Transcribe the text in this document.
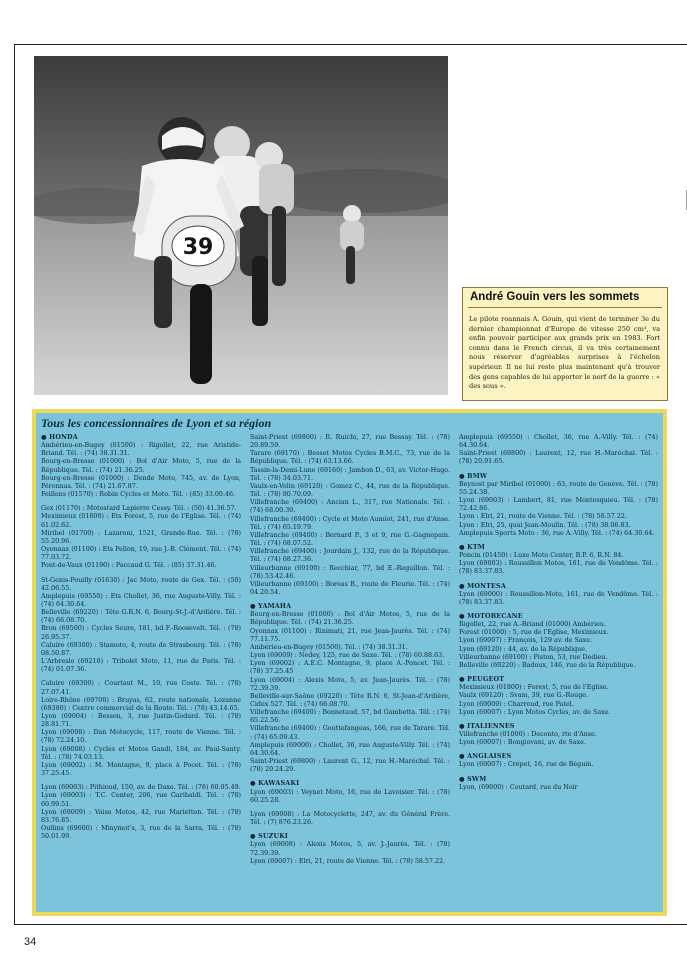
39
André Gouin vers les sommets
Le pilote roannais A. Gouin, qui vient de terminer 3e du dernier championnat d'Europe de vitesse 250 cm³, va enfin pouvoir participer aux grands prix en 1983. Fort connu dans le French circus, il va très certainement nous réserver d'agréables surprises à l'échelon supérieur. Il ne lui reste plus maintenant qu'à trouver des gens capables de lui apporter le nerf de la guerre : « des sous ».
Tous les concessionnaires de Lyon et sa région
● HONDA
Ambérieu-en-Bugey (01500) : Rigollet, 22, rue Aristide-Briand. Tél. : (74) 38.31.31.
Bourg-en-Bresse (01000) : Bol d'Air Moto, 5, rue de la République. Tél. : (74) 21.36.25.
Bourg-en-Bresse (01000) : Donde Moto, 745, av. de Lyon, Péronnas. Tél. : (74) 21.67.87.
Feillens (01570) : Robin Cycles et Moto. Tél. : (85) 33.00.46.
Gex (01170) : Motostard Lapierre Cessy. Tél. : (50) 41.36.57.
Meximieux (01800) : Ets Forest, 5, rue de l'Eglise. Tél. : (74) 61.02.62.
Miribel (01700) : Lazaroni, 1521, Grande-Rue. Tél. : (78) 55.20.96.
Oyonnax (01100) : Ets Pellon, 19, rue J.-B. Clément. Tél. : (74) 77.03.72.
Pont-de-Vaux (01190) : Paccaud G. Tél. : (85) 37.31.46.
St-Genis-Pouilly (01630) : Jac Moto, route de Gex. Tél. : (50) 42.06.55.
Amplepuis (69550) : Ets Chollet, 36, rue Auguste-Villy. Tél. : (74) 64.30.64.
Belleville (69220) : Tête G.R.N. 6, Bourg-St-J.-d'Ardière. Tél. : (74) 66.08.70.
Bron (69500) : Cycles Seure, 181, bd F.-Roosevelt. Tél. : (78) 26.95.37.
Caluire (69300) : Stamoto, 4, route de Strasbourg. Tél. : (78) 08.50.87.
L'Arbresle (69210) : Tribolet Moto, 11, rue de Paris. Tél. : (74) 01.07.36.
Caluire (69300) : Courtaut M., 10, rue Coste. Tél. : (78) 27.07.41.
Loire-Rhône (69700) : Bruyas, 62, route nationale, Lozanne (69380) : Centre commercial de la Route. Tél. : (78) 43.14.65.
Lyon (69004) : Besson, 3, rue Justin-Godard. Tél. : (78) 28.81.71.
Lyon (69008) : Dan Motocycle, 117, route de Vienne. Tél. : (78) 72.24.10.
Lyon (69008) : Cycles et Motos Gandi, 184, av. Paul-Santy. Tél. : (78) 74.03.13.
Lyon (69002) : M. Montagne, 9, place à Pocet. Tél. : (78) 37.25.45.
Lyon (69003) : Pithioud, 150, av. de Daxe. Tél. : (78) 60.05.49.
Lyon (69003) : T.C. Center, 206, rue Garibaldi. Tél. : (78) 60.99.51.
Lyon (69009) : Vaise Motos, 42, rue Marietton. Tél. : (78) 83.76.85.
Oullins (69600) : Minymot's, 3, rue de la Sarra. Tél. : (78) 50.01.99.
Saint-Priest (69800) : R. Ruichi, 27, rue Bessay. Tél. : (78) 20.89.59.
Tarare (69170) : Besset Motos Cycles B.M.C., 73, rue de la République. Tél. : (74) 63.13.66.
Tassin-la-Demi-Lune (69160) : Jambon D., 63, av. Victor-Hugo. Tél. : (78) 34.03.71.
Vaulx-en-Velin (69120) : Gomez C., 44, rue de la République. Tél. : (78) 80.70.09.
Villefranche (69400) : Ancian L., 317, rue Nationale. Tél. : (74) 68.00.30.
Villefranche (69400) : Cycle et Moto Aumiot, 241, rue d'Anse. Tél. : (74) 65.19.79.
Villefranche (69400) : Bernard P., 3 et 9, rue G.-Gagnepain. Tél. : (74) 68.07.52.
Villefranche (69400) : Jourdain J., 132, rue de la République. Tél. : (74) 68.27.36.
Villeurbanne (69100) : Recchiar, 77, bd E.-Reguillon. Tél. : (78) 53.42.46.
Villeurbanne (69100) : Boreas B., route de Fleurie. Tél. : (74) 04.20.54.
● YAMAHA
Bourg-en-Bresse (01000) : Bol d'Air Motos, 5, rue de la République. Tél. : (74) 21.36.25.
Oyonnax (01100) : Rinimati, 21, rue Jean-Jaurès. Tél. : (74) 77.11.75.
Ambérieu-en-Bugey (01500). Tél. : (74) 38.31.31.
Lyon (69009) : Nedey, 125, rue de Saxe. Tél. : (78) 60.88.63.
Lyon (69002) : A.E.C. Montagne, 9, place A.-Poncet. Tél. : (78) 37.25.45
Lyon (69004) : Alexis Moto, 5, av. Jean-Jaurès. Tél. : (78) 72.39.39.
Belleville-sur-Saône (69220) : Tête R.N. 6, St-Jean-d'Ardière, Cidex 527. Tél. : (74) 66.08.70.
Villefranche (69400) : Bonnetaud, 57, bd Gambetta. Tél. : (74) 65.22.56.
Villefranche (69400) : Gouttefangeas, 166, rue de Tarare. Tél. : (74) 65.09.43.
Amplepuis (69000) : Chollet, 36, rue Auguste-Villy. Tél. : (74) 64.30.64.
Saint-Priest (69800) : Laurent G., 12, rue H.-Maréchal. Tél. : (78) 20.24.29.
● KAWASAKI
Lyon (69003) : Veynet Moto, 16, rue de Lavoisier. Tél. : (78) 60.25.28.
Lyon (69008) : La Motocyclette, 247, av. du Général Frère. Tél. : (7) 876.23.26.
● SUZUKI
Lyon (69008) : Alexis Motos, 5, av. J.-Jaurès. Tél. : (78) 72.39.39.
Lyon (69007) : Elri, 21, route de Vienne. Tél. : (78) 58.57.22.
Amplepuis (69550) : Chollet, 36, rue A.-Villy. Tél. : (74) 64.30.64.
Saint-Priest (69800) : Laurent, 12, rue H.-Maréchal. Tél. : (78) 20.91.65.
● BMW
Beynost par Miribel (01000) : 63, route de Genève. Tél. : (78) 55.24.38.
Lyon (69003) : Lambert, 81, rue Montesquieu. Tél. : (78) 72.42.86.
Lyon : Elri, 21, route de Vienne. Tél. : (78) 58.57.22.
Lyon : Elri, 25, quai Jean-Moulin. Tél. : (78) 38.06.83.
Amplepuis Sports Moto : 36, rue A.-Villy. Tél. : (74) 64.30.64.
● KTM
Poncin (01450) : Luxe Moto Center, B.P. 6, R.N. 84.
Lyon (69003) : Roussillon Motos, 161, rue de Vendôme. Tél. : (78) 83.37.83.
● MONTESA
Lyon (69000) : Roussillon-Moto, 161, rue de Vendôme. Tél. : (78) 83.37.83.
● MOTOBECANE
Rigollet, 22, rue A.-Briand (01000) Ambérieu.
Forest (01000) : 5, rue de l'Eglise, Meximieux.
Lyon (69007) : François, 129 av. de Saxe.
Lyon (69120) : 44, av. de la République.
Villeurbanne (69100) : Piston, 53, rue Dedieu.
Belleville (69220) : Badoux, 146, rue de la République.
● PEUGEOT
Meximieux (01800) : Forest, 5, rue de l'Eglise.
Vaulx (69120) : Svam, 39, rue G.-Rouge.
Lyon (69009) : Charroud, rue Patel.
Lyon (69007) : Lyon Motos Cycles, av. de Saxe.
● ITALIENNES
Villefranche (01000) : Deconto, rte d'Anse.
Lyon (69007) : Bongiovani, av. de Saxe.
● ANGLAISES
Lyon (69007) : Crépet, 16, rue de Béguin.
● SWM
Lyon, (69000) : Coutard, rue du Noir
34
